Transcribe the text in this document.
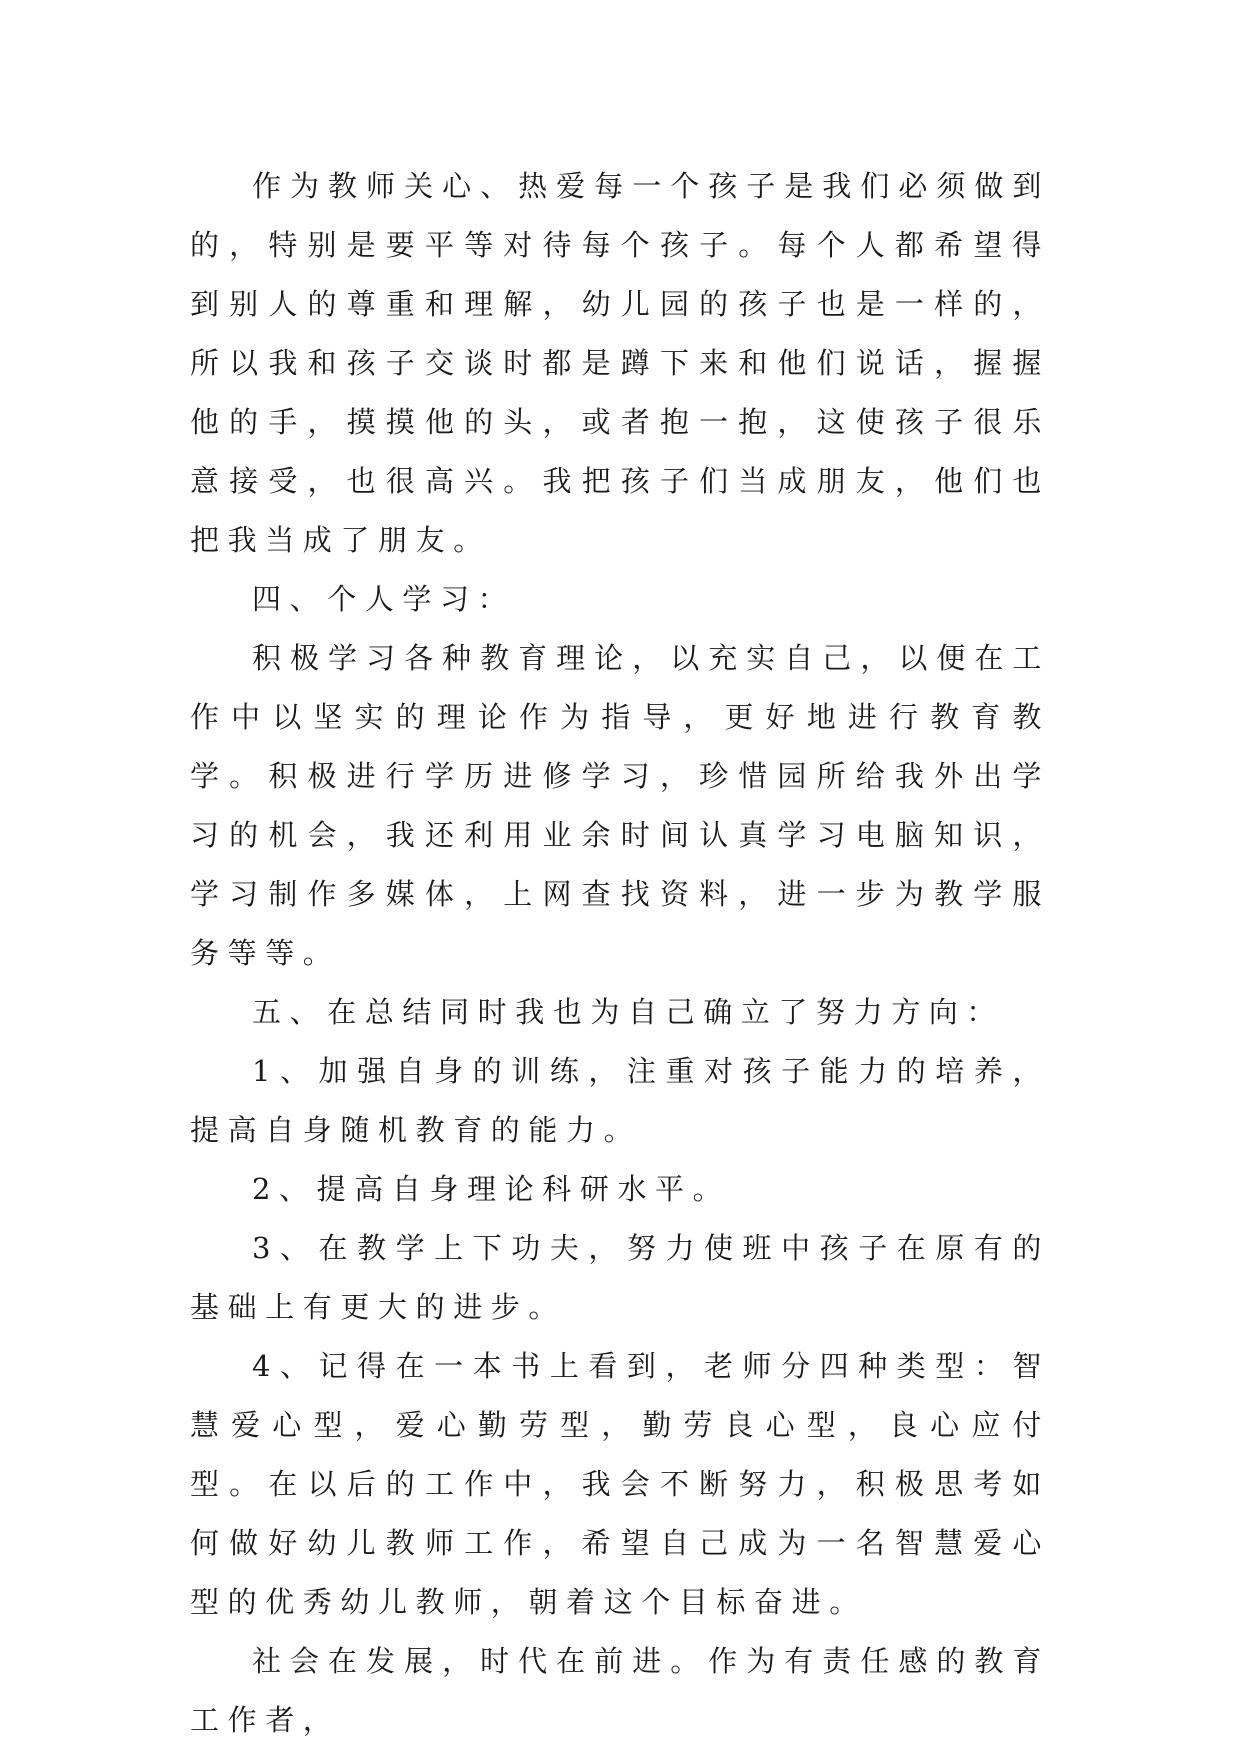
作为教师关心、热爱每一个孩子是我们必须做到的，特别是要平等对待每个孩子。每个人都希望得到别人的尊重和理解，幼儿园的孩子也是一样的，所以我和孩子交谈时都是蹲下来和他们说话，握握他的手，摸摸他的头，或者抱一抱，这使孩子很乐意接受，也很高兴。我把孩子们当成朋友，他们也把我当成了朋友。

四、个人学习：

积极学习各种教育理论，以充实自己，以便在工作中以坚实的理论作为指导，更好地进行教育教学。积极进行学历进修学习，珍惜园所给我外出学习的机会，我还利用业余时间认真学习电脑知识，学习制作多媒体，上网查找资料，进一步为教学服务等等。

五、在总结同时我也为自己确立了努力方向：

1、加强自身的训练，注重对孩子能力的培养，提高自身随机教育的能力。

2、提高自身理论科研水平。

3、在教学上下功夫，努力使班中孩子在原有的基础上有更大的进步。

4、记得在一本书上看到，老师分四种类型：智慧爱心型，爱心勤劳型，勤劳良心型，良心应付型。在以后的工作中，我会不断努力，积极思考如何做好幼儿教师工作，希望自己成为一名智慧爱心型的优秀幼儿教师，朝着这个目标奋进。

社会在发展，时代在前进。作为有责任感的教育工作者，
